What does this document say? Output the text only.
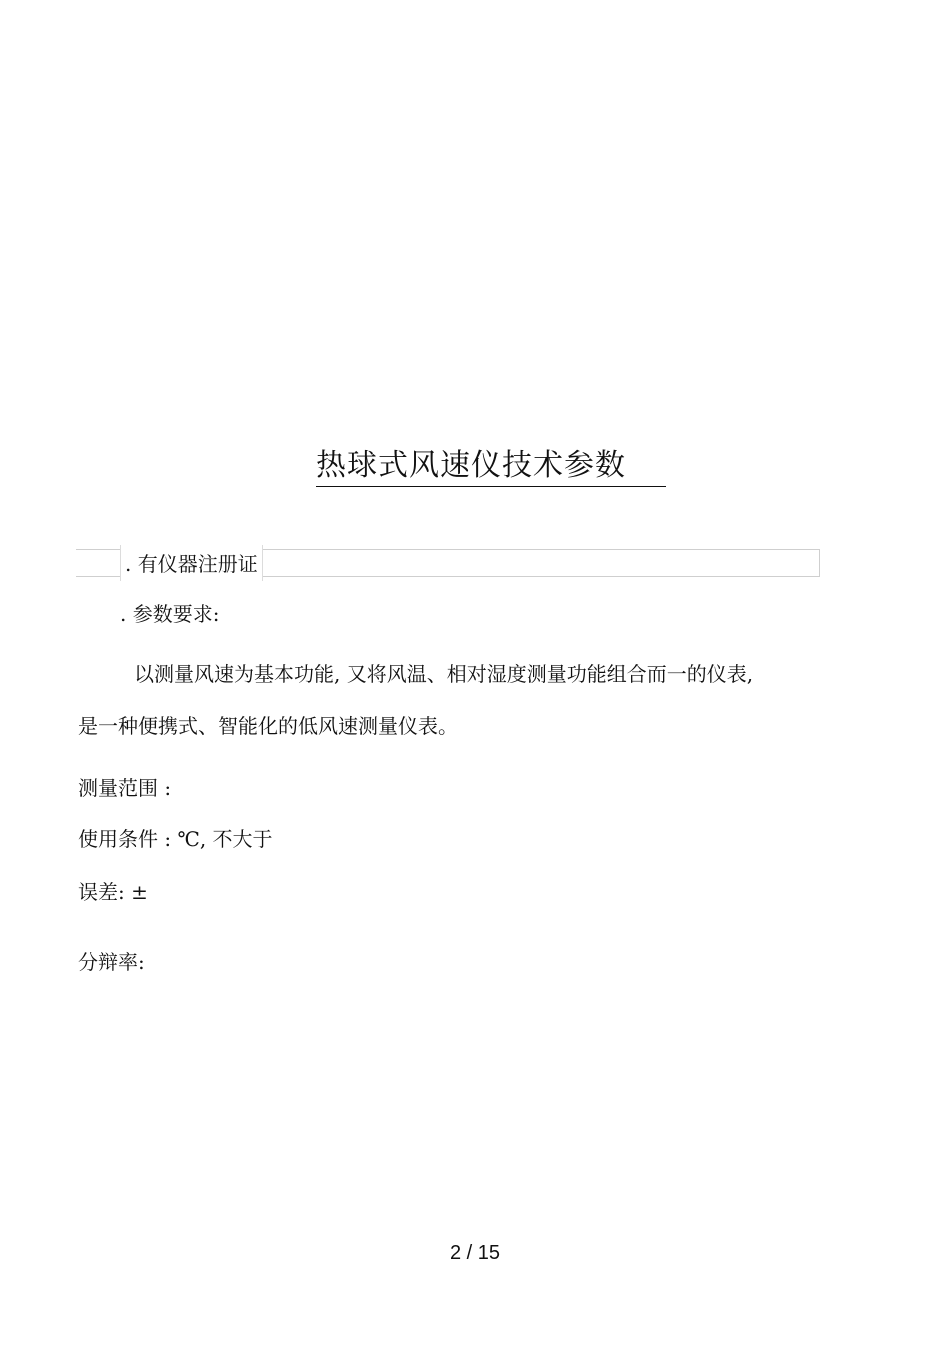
热球式风速仪技术参数
. 有仪器注册证
. 参数要求:
以测量风速为基本功能, 又将风温、相对湿度测量功能组合而一的仪表,
是一种便携式、智能化的低风速测量仪表。
测量范围 :
使用条件 : ℃, 不大于
误差: ±
分辩率:
2 / 15
